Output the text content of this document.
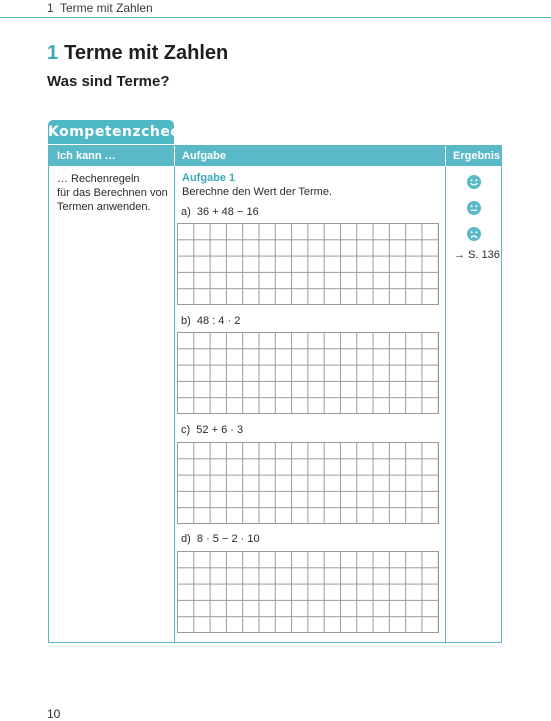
1 Terme mit Zahlen
1 Terme mit Zahlen
Was sind Terme?
Kompetenzcheck
Ich kann …	Aufgabe	Ergebnis
… Rechenregeln
für das Berechnen von
Termen anwenden.
Aufgabe 1
Berechne den Wert der Terme.
a) 36 + 48 − 16
b) 48 : 4 · 2
c) 52 + 6 · 3
d) 8 · 5 − 2 · 10
→ S. 136
10
